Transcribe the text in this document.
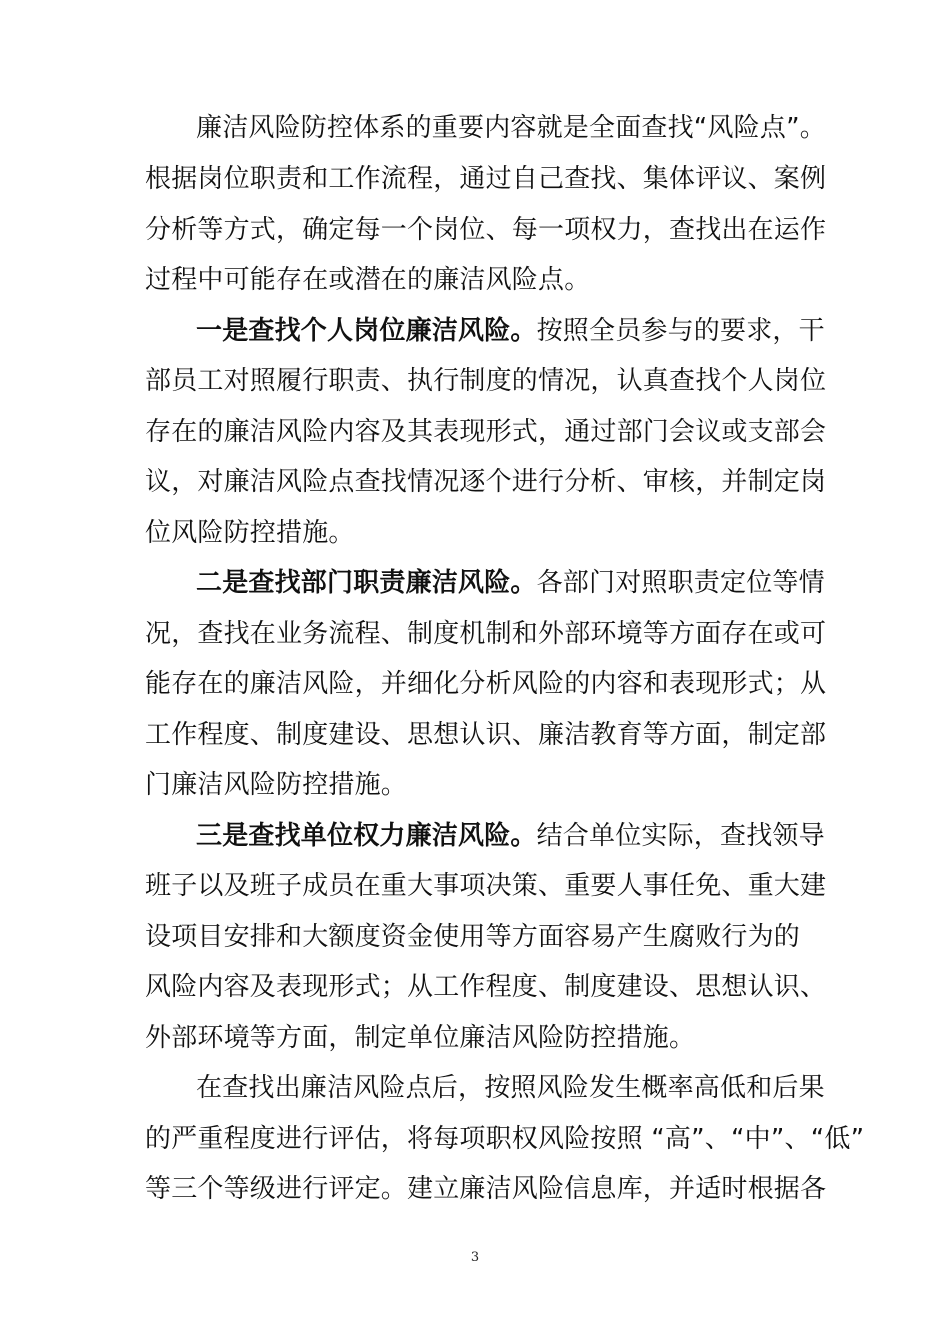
廉洁风险防控体系的重要内容就是全面查找“风险点”。
根据岗位职责和工作流程，通过自己查找、集体评议、案例
分析等方式，确定每一个岗位、每一项权力，查找出在运作
过程中可能存在或潜在的廉洁风险点。
一是查找个人岗位廉洁风险。按照全员参与的要求，干
部员工对照履行职责、执行制度的情况，认真查找个人岗位
存在的廉洁风险内容及其表现形式，通过部门会议或支部会
议，对廉洁风险点查找情况逐个进行分析、审核，并制定岗
位风险防控措施。
二是查找部门职责廉洁风险。各部门对照职责定位等情
况，查找在业务流程、制度机制和外部环境等方面存在或可
能存在的廉洁风险，并细化分析风险的内容和表现形式；从
工作程度、制度建设、思想认识、廉洁教育等方面，制定部
门廉洁风险防控措施。
三是查找单位权力廉洁风险。结合单位实际，查找领导
班子以及班子成员在重大事项决策、重要人事任免、重大建
设项目安排和大额度资金使用等方面容易产生腐败行为的
风险内容及表现形式；从工作程度、制度建设、思想认识、
外部环境等方面，制定单位廉洁风险防控措施。
在查找出廉洁风险点后，按照风险发生概率高低和后果
的严重程度进行评估，将每项职权风险按照 “高”、“中”、“低”
等三个等级进行评定。建立廉洁风险信息库，并适时根据各
3
